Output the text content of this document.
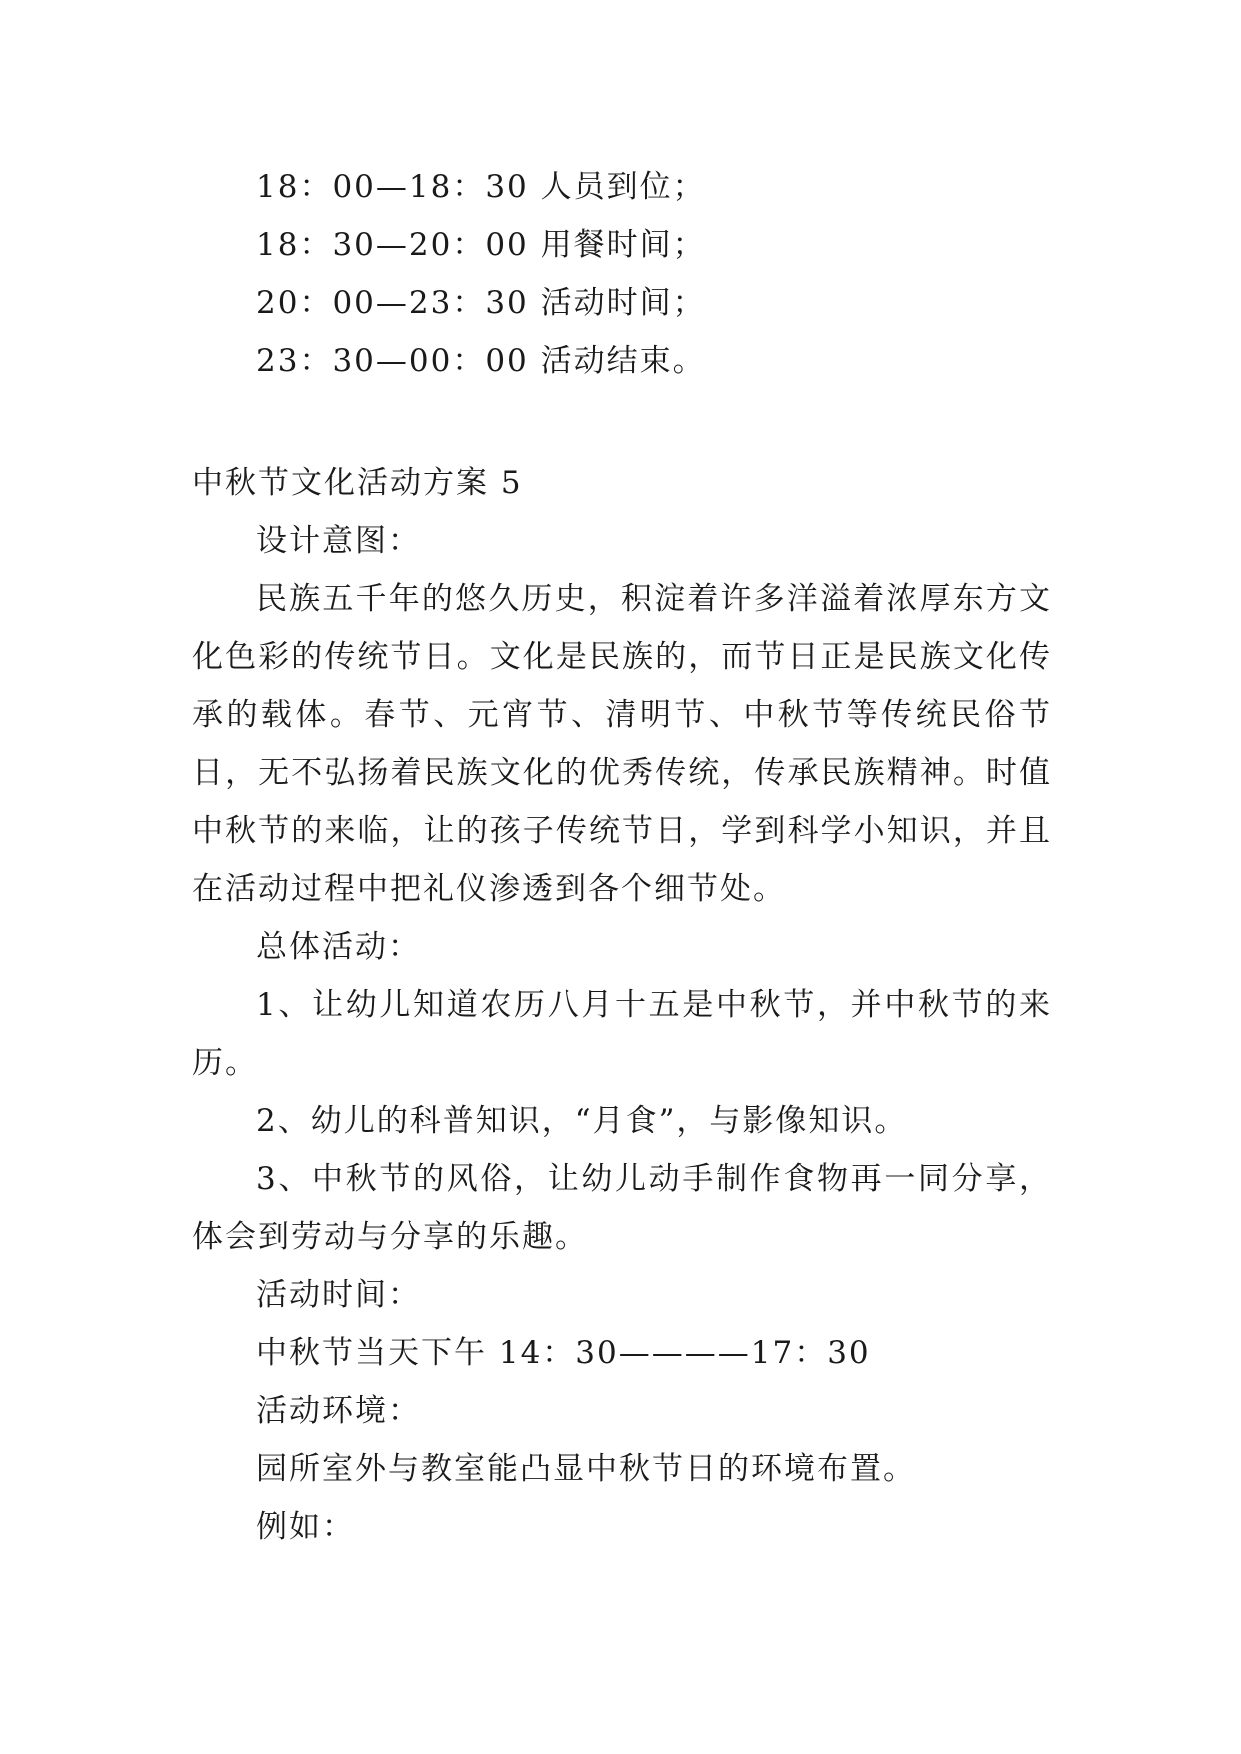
18：00—18：30 人员到位；
18：30—20：00 用餐时间；
20：00—23：30 活动时间；
23：30—00：00 活动结束。
中秋节文化活动方案 5
设计意图：

民族五千年的悠久历史，积淀着许多洋溢着浓厚东方文化色彩的传统节日。文化是民族的，而节日正是民族文化传承的载体。春节、元宵节、清明节、中秋节等传统民俗节日，无不弘扬着民族文化的优秀传统，传承民族精神。时值中秋节的来临，让的孩子传统节日，学到科学小知识，并且在活动过程中把礼仪渗透到各个细节处。

总体活动：

1、让幼儿知道农历八月十五是中秋节，并中秋节的来历。

2、幼儿的科普知识，“月食”，与影像知识。

3、中秋节的风俗，让幼儿动手制作食物再一同分享，体会到劳动与分享的乐趣。

活动时间：
中秋节当天下午 14：30————17：30
活动环境：
园所室外与教室能凸显中秋节日的环境布置。
例如：
